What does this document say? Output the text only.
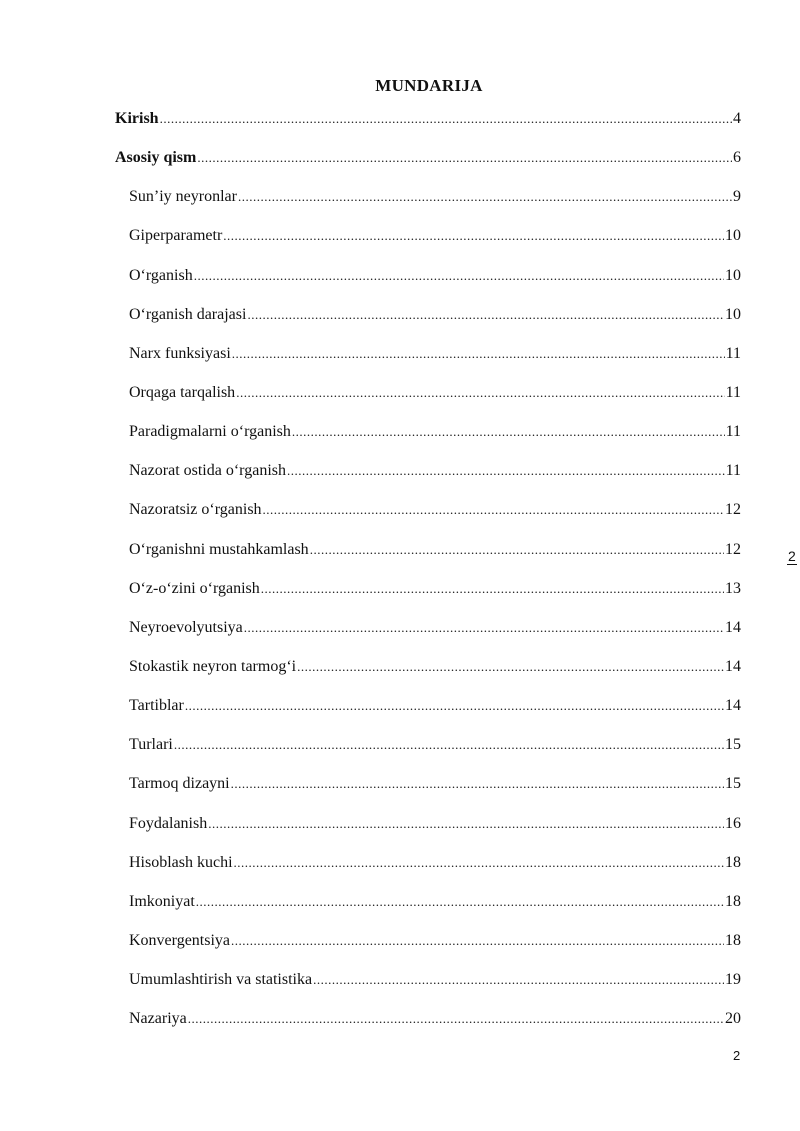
MUNDARIJA
Kirish .....	4
Asosiy qism .....	6
Sun’iy neyronlar .....	9
Giperparametr .....	10
O‘rganish .....	10
O‘rganish darajasi .....	10
Narx funksiyasi .....	11
Orqaga tarqalish .....	11
Paradigmalarni o‘rganish .....	11
Nazorat ostida o‘rganish .....	11
Nazoratsiz o‘rganish .....	12
O‘rganishni mustahkamlash .....	12
O‘z-o‘zini o‘rganish .....	13
Neyroevolyutsiya .....	14
Stokastik neyron tarmog‘i .....	14
Tartiblar .....	14
Turlari .....	15
Tarmoq dizayni .....	15
Foydalanish .....	16
Hisoblash kuchi .....	18
Imkoniyat .....	18
Konvergentsiya .....	18
Umumlashtirish va statistika .....	19
Nazariya .....	20
2
2
